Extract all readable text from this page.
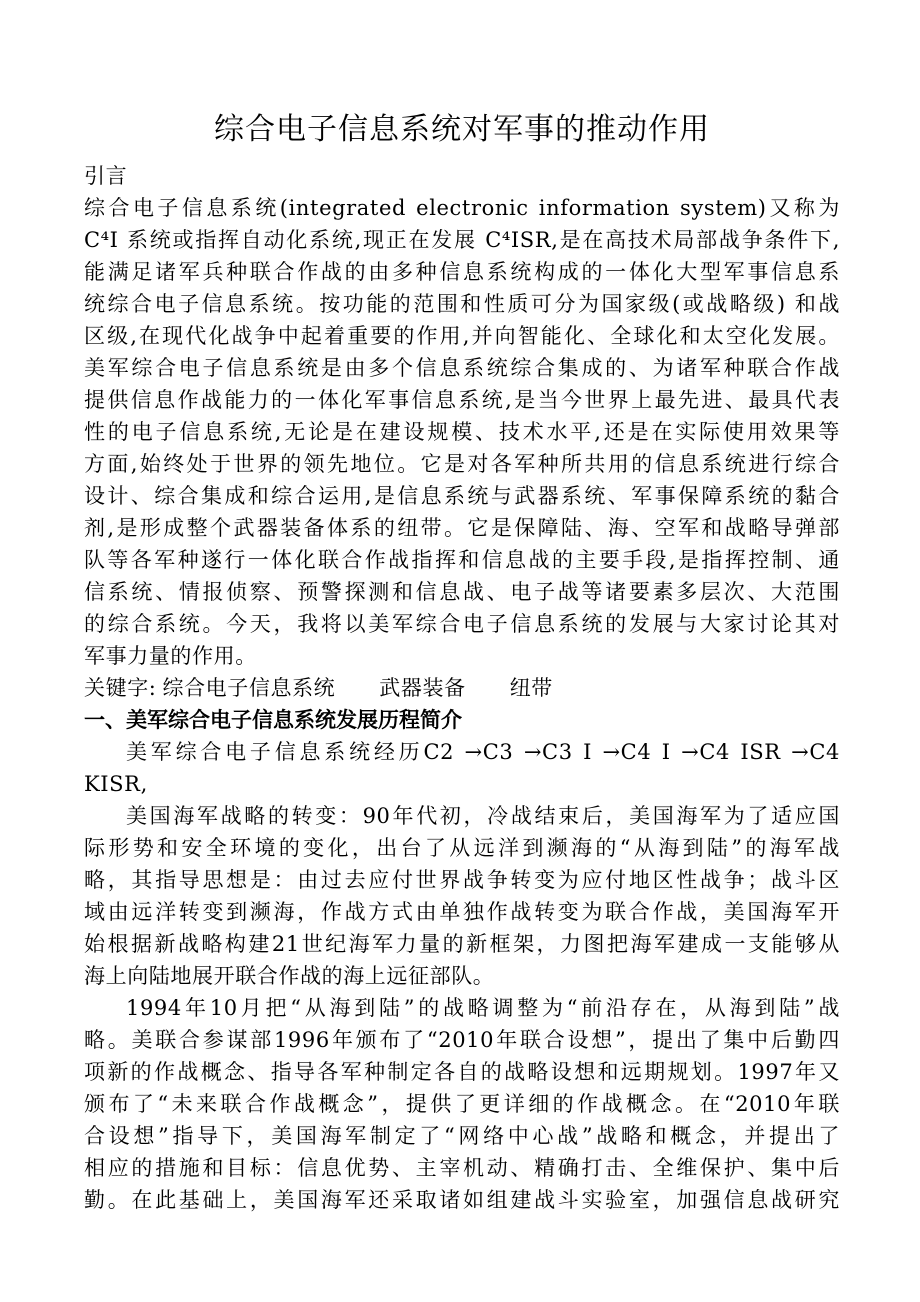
综合电子信息系统对军事的推动作用
引言
综合电子信息系统(integrated electronic information system)又称为
C⁴I 系统或指挥自动化系统,现正在发展 C⁴ISR,是在高技术局部战争条件下,
能满足诸军兵种联合作战的由多种信息系统构成的一体化大型军事信息系
统综合电子信息系统。按功能的范围和性质可分为国家级(或战略级) 和战
区级,在现代化战争中起着重要的作用,并向智能化、全球化和太空化发展。
美军综合电子信息系统是由多个信息系统综合集成的、为诸军种联合作战
提供信息作战能力的一体化军事信息系统,是当今世界上最先进、最具代表
性的电子信息系统,无论是在建设规模、技术水平,还是在实际使用效果等
方面,始终处于世界的领先地位。它是对各军种所共用的信息系统进行综合
设计、综合集成和综合运用,是信息系统与武器系统、军事保障系统的黏合
剂,是形成整个武器装备体系的纽带。它是保障陆、海、空军和战略导弹部
队等各军种遂行一体化联合作战指挥和信息战的主要手段,是指挥控制、通
信系统、情报侦察、预警探测和信息战、电子战等诸要素多层次、大范围
的综合系统。今天，我将以美军综合电子信息系统的发展与大家讨论其对
军事力量的作用。
关键字: 综合电子信息系统 武器装备 纽带
一、美军综合电子信息系统发展历程简介
美军综合电子信息系统经历C2 →C3 →C3 I →C4 I →C4 ISR →C4
KISR,
美国海军战略的转变：90年代初，冷战结束后，美国海军为了适应国
际形势和安全环境的变化，出台了从远洋到濒海的“从海到陆”的海军战
略，其指导思想是：由过去应付世界战争转变为应付地区性战争；战斗区
域由远洋转变到濒海，作战方式由单独作战转变为联合作战，美国海军开
始根据新战略构建21世纪海军力量的新框架，力图把海军建成一支能够从
海上向陆地展开联合作战的海上远征部队。
1994年10月把“从海到陆”的战略调整为“前沿存在，从海到陆”战
略。美联合参谋部1996年颁布了“2010年联合设想”，提出了集中后勤四
项新的作战概念、指导各军种制定各自的战略设想和远期规划。1997年又
颁布了“未来联合作战概念”，提供了更详细的作战概念。在“2010年联
合设想”指导下，美国海军制定了“网络中心战”战略和概念，并提出了
相应的措施和目标：信息优势、主宰机动、精确打击、全维保护、集中后
勤。在此基础上，美国海军还采取诸如组建战斗实验室，加强信息战研究
